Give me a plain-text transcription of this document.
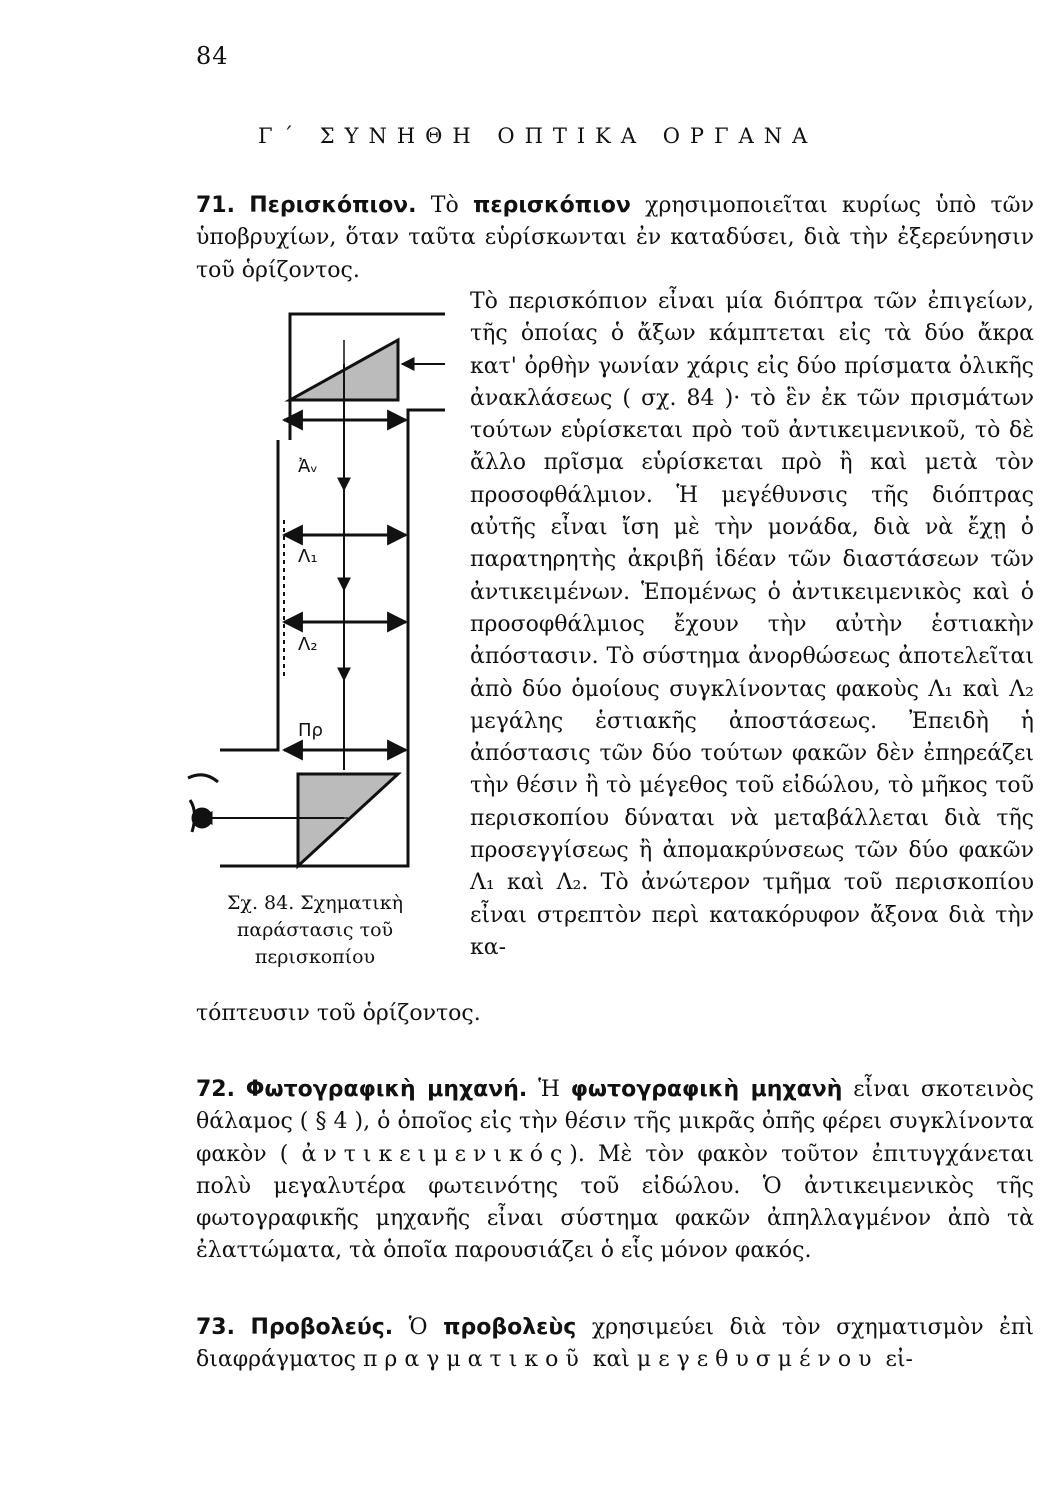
84
Γ΄ ΣΥΝΗΘΗ ΟΠΤΙΚΑ ΟΡΓΑΝΑ
71. Περισκόπιον. Τὸ περισκόπιον χρησιμοποιεῖται κυρίως ὑπὸ τῶν ὑποβρυχίων, ὅταν ταῦτα εὑρίσκωνται ἐν καταδύσει, διὰ τὴν ἐξερεύνησιν τοῦ ὁρίζοντος.
Τὸ περισκόπιον εἶναι μία διόπτρα τῶν ἐπιγείων, τῆς ὁποίας ὁ ἄξων κάμπτεται εἰς τὰ δύο ἄκρα κατ' ὀρθὴν γωνίαν χάρις εἰς δύο πρίσματα ὀλικῆς ἀνακλάσεως ( σχ. 84 )· τὸ ἓν ἐκ τῶν πρισμάτων τούτων εὑρίσκεται πρὸ τοῦ ἀντικειμενικοῦ, τὸ δὲ ἄλλο πρῖσμα εὑρίσκεται πρὸ ἢ καὶ μετὰ τὸν προσοφθάλμιον. Ἡ μεγέθυνσις τῆς διόπτρας αὐτῆς εἶναι ἴση μὲ τὴν μονάδα, διὰ νὰ ἔχῃ ὁ παρατηρητὴς ἀκριβῆ ἰδέαν τῶν διαστάσεων τῶν ἀντικειμένων. Ἑπομένως ὁ ἀντικειμενικὸς καὶ ὁ προσοφθάλμιος ἔχουν τὴν αὐτὴν ἑστιακὴν ἀπόστασιν. Τὸ σύστημα ἀνορθώσεως ἀποτελεῖται ἀπὸ δύο ὁμοίους συγκλίνοντας φακοὺς Λ₁ καὶ Λ₂ μεγάλης ἑστιακῆς ἀποστάσεως. Ἐπειδὴ ἡ ἀπόστασις τῶν δύο τούτων φακῶν δὲν ἐπηρεάζει τὴν θέσιν ἢ τὸ μέγεθος τοῦ εἰδώλου, τὸ μῆκος τοῦ περισκοπίου δύναται νὰ μεταβάλλεται διὰ τῆς προσεγγίσεως ἢ ἀπομακρύνσεως τῶν δύο φακῶν Λ₁ καὶ Λ₂. Τὸ ἀνώτερον τμῆμα τοῦ περισκοπίου εἶναι στρεπτὸν περὶ κατακόρυφον ἄξονα διὰ τὴν κα-
τόπτευσιν τοῦ ὁρίζοντος.
Ἀᵥ
Λ₁
Λ₂
Πρ
Σχ. 84. Σχηματικὴ παράστασις τοῦ περισκοπίου
72. Φωτογραφικὴ μηχανή. Ἡ φωτογραφικὴ μηχανὴ εἶναι σκοτεινὸς θάλαμος ( § 4 ), ὁ ὁποῖος εἰς τὴν θέσιν τῆς μικρᾶς ὀπῆς φέρει συγκλίνοντα φακὸν ( ἀντικειμενικός). Μὲ τὸν φακὸν τοῦτον ἐπιτυγχάνεται πολὺ μεγαλυτέρα φωτεινότης τοῦ εἰδώλου. Ὁ ἀντικειμενικὸς τῆς φωτογραφικῆς μηχανῆς εἶναι σύστημα φακῶν ἀπηλλαγμένον ἀπὸ τὰ ἐλαττώματα, τὰ ὁποῖα παρουσιάζει ὁ εἷς μόνον φακός.
73. Προβολεύς. Ὁ προβολεὺς χρησιμεύει διὰ τὸν σχηματισμὸν ἐπὶ διαφράγματος πραγματικοῦ καὶ μεγεθυσμένου εἰ-
